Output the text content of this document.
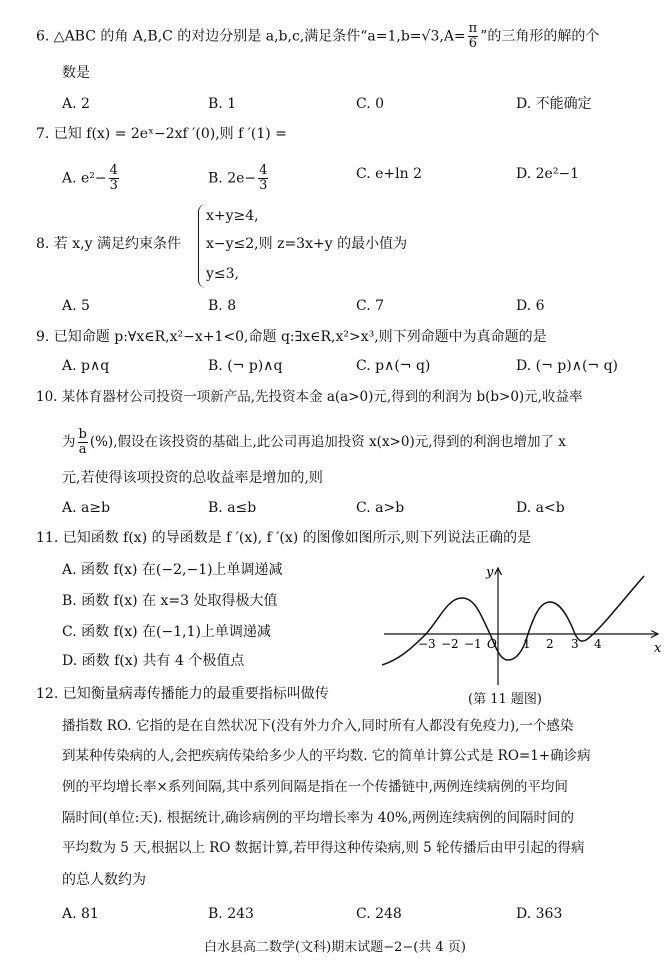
6. △ABC 的角 A,B,C 的对边分别是 a,b,c,满足条件“$a=1,b=√3,A= \frac{\pi}{6}$ ”的三角形的解的个
数是
A. 2	B. 1	C. 0	D. 不能确定
7. 已知 f(x) = 2eˣ−2xf ′(0),则 f ′(1) =
A. $e^2- \frac{4}{3}$	B. $2e- \frac{4}{3}$	C. e+ln 2	D. 2e²−1
x+y≥4,
8. 若 x,y 满足约束条件 x−y≤2,则 z=3x+y 的最小值为
y≤3,
A. 5	B. 8	C. 7	D. 6
9. 已知命题 p:∀x∈R,x²−x+1<0,命题 q:∃x∈R,x²>x³,则下列命题中为真命题的是
A. p∧q	B. (¬ p)∧q	C. p∧(¬ q)	D. (¬ p)∧(¬ q)
10. 某体育器材公司投资一项新产品,先投资本金 a(a>0)元,得到的利润为 b(b>0)元,收益率
为 $\frac{b}{a}$ (%),假设在该投资的基础上,此公司再追加投资 x(x>0)元,得到的利润也增加了 x
元,若使得该项投资的总收益率是增加的,则
A. a≥b	B. a≤b	C. a>b	D. a<b
11. 已知函数 f(x) 的导函数是 f ′(x), f ′(x) 的图像如图所示,则下列说法正确的是
A. 函数 f(x) 在(−2,−1)上单调递减
B. 函数 f(x) 在 x=3 处取得极大值
C. 函数 f(x) 在(−1,1)上单调递减
D. 函数 f(x) 共有 4 个极值点
y
x
O
−3 −2 −1	1 2 3 4
(第 11 题图)
12. 已知衡量病毒传播能力的最重要指标叫做传
播指数 RO. 它指的是在自然状况下(没有外力介入,同时所有人都没有免疫力),一个感染
到某种传染病的人,会把疾病传染给多少人的平均数. 它的简单计算公式是 RO=1+确诊病
例的平均增长率×系列间隔,其中系列间隔是指在一个传播链中,两例连续病例的平均间
隔时间(单位:天). 根据统计,确诊病例的平均增长率为 40%,两例连续病例的间隔时间的
平均数为 5 天,根据以上 RO 数据计算,若甲得这种传染病,则 5 轮传播后由甲引起的得病
的总人数约为
A. 81	B. 243	C. 248	D. 363
白水县高二数学(文科)期末试题−2−(共 4 页)
